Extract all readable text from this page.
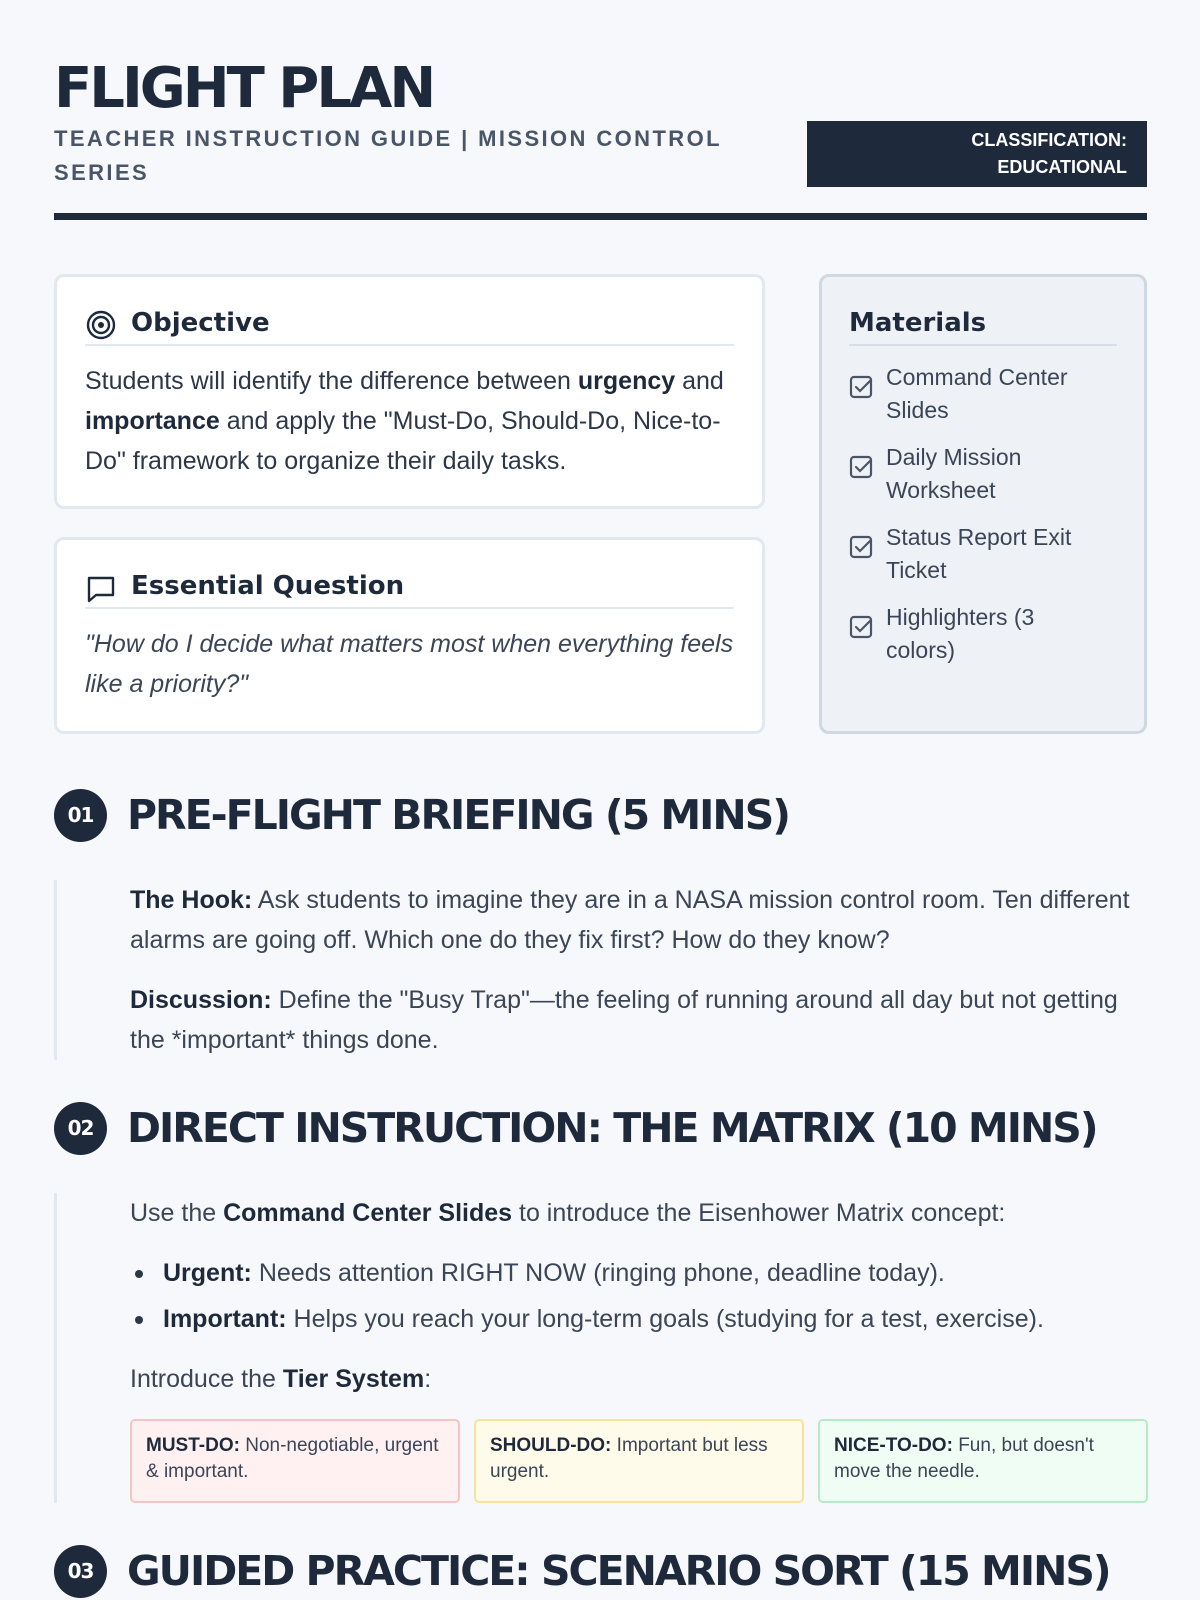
FLIGHT PLAN
TEACHER INSTRUCTION GUIDE | MISSION CONTROL SERIES
CLASSIFICATION:
EDUCATIONAL
Objective
Students will identify the difference between urgency and importance and apply the "Must-Do, Should-Do, Nice-to-Do" framework to organize their daily tasks.
Essential Question
"How do I decide what matters most when everything feels like a priority?"
Materials
Command Center Slides
Daily Mission Worksheet
Status Report Exit Ticket
Highlighters (3 colors)
01 PRE-FLIGHT BRIEFING (5 MINS)

The Hook: Ask students to imagine they are in a NASA mission control room. Ten different alarms are going off. Which one do they fix first? How do they know?

Discussion: Define the "Busy Trap"—the feeling of running around all day but not getting the *important* things done.

02 DIRECT INSTRUCTION: THE MATRIX (10 MINS)

Use the Command Center Slides to introduce the Eisenhower Matrix concept:

Urgent: Needs attention RIGHT NOW (ringing phone, deadline today).
Important: Helps you reach your long-term goals (studying for a test, exercise).

Introduce the Tier System:

MUST-DO: Non-negotiable, urgent & important.
SHOULD-DO: Important but less urgent.
NICE-TO-DO: Fun, but doesn't move the needle.
03 GUIDED PRACTICE: SCENARIO SORT (15 MINS)
